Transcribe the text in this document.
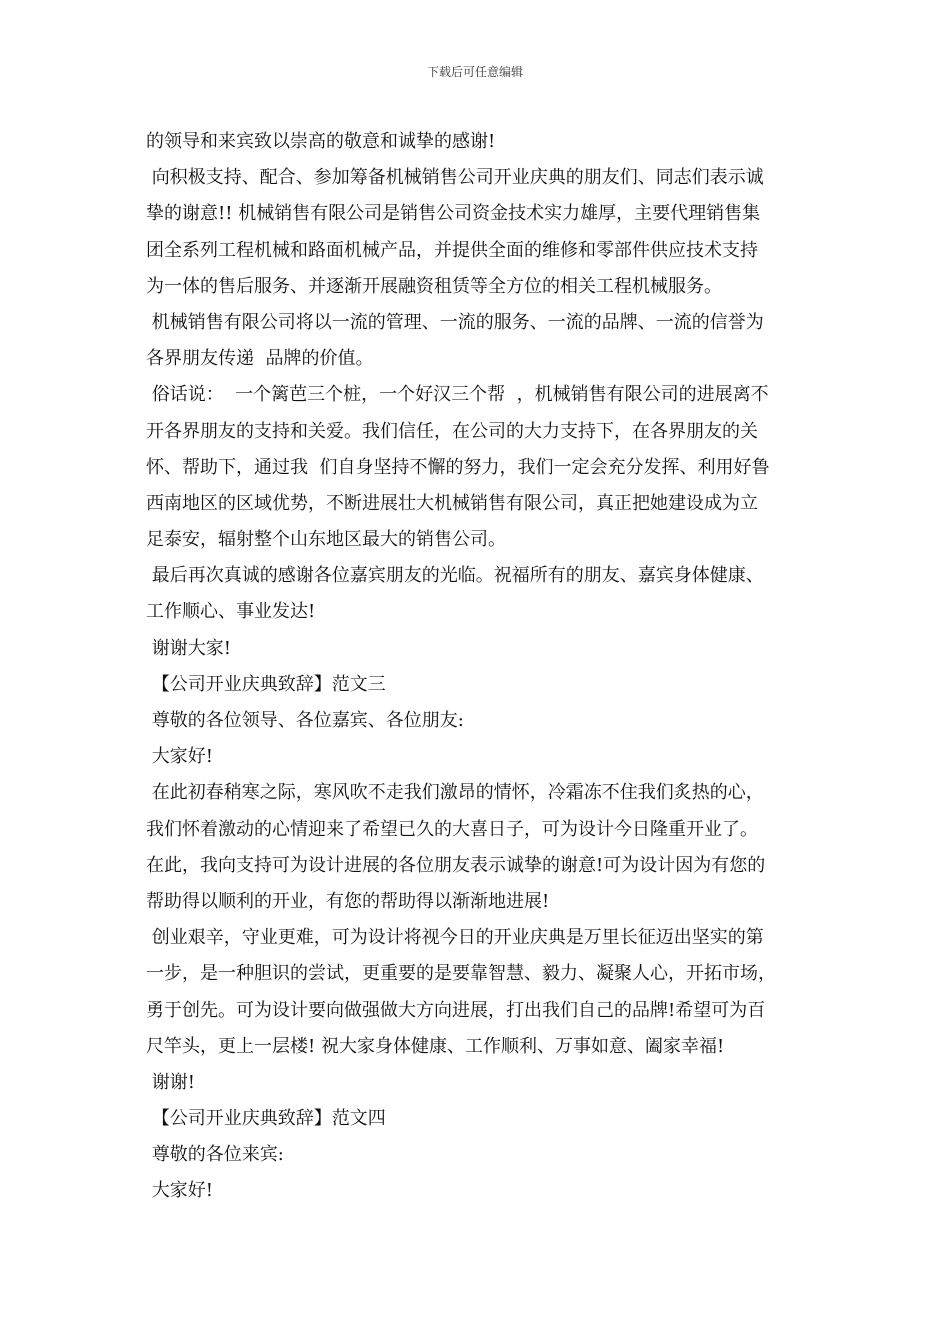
下载后可任意编辑
的领导和来宾致以崇高的敬意和诚挚的感谢!
向积极支持、配合、参加筹备机械销售公司开业庆典的朋友们、同志们表示诚
挚的谢意!! 机械销售有限公司是销售公司资金技术实力雄厚，主要代理销售集
团全系列工程机械和路面机械产品，并提供全面的维修和零部件供应技术支持
为一体的售后服务、并逐渐开展融资租赁等全方位的相关工程机械服务。
机械销售有限公司将以一流的管理、一流的服务、一流的品牌、一流的信誉为
各界朋友传递  品牌的价值。
俗话说：  一个篱芭三个桩，一个好汉三个帮  ，机械销售有限公司的进展离不
开各界朋友的支持和关爱。我们信任，在公司的大力支持下，在各界朋友的关
怀、帮助下，通过我  们自身坚持不懈的努力，我们一定会充分发挥、利用好鲁
西南地区的区域优势，不断进展壮大机械销售有限公司，真正把她建设成为立
足泰安，辐射整个山东地区最大的销售公司。
最后再次真诚的感谢各位嘉宾朋友的光临。祝福所有的朋友、嘉宾身体健康、
工作顺心、事业发达!
谢谢大家!
【公司开业庆典致辞】范文三
尊敬的各位领导、各位嘉宾、各位朋友:
大家好!
在此初春稍寒之际，寒风吹不走我们激昂的情怀，冷霜冻不住我们炙热的心，
我们怀着激动的心情迎来了希望已久的大喜日子，可为设计今日隆重开业了。
在此，我向支持可为设计进展的各位朋友表示诚挚的谢意!可为设计因为有您的
帮助得以顺利的开业，有您的帮助得以渐渐地进展!
创业艰辛，守业更难，可为设计将视今日的开业庆典是万里长征迈出坚实的第
一步，是一种胆识的尝试，更重要的是要靠智慧、毅力、凝聚人心，开拓市场，
勇于创先。可为设计要向做强做大方向进展，打出我们自己的品牌!希望可为百
尺竿头，更上一层楼! 祝大家身体健康、工作顺利、万事如意、阖家幸福!
谢谢!
【公司开业庆典致辞】范文四
尊敬的各位来宾:
大家好!
